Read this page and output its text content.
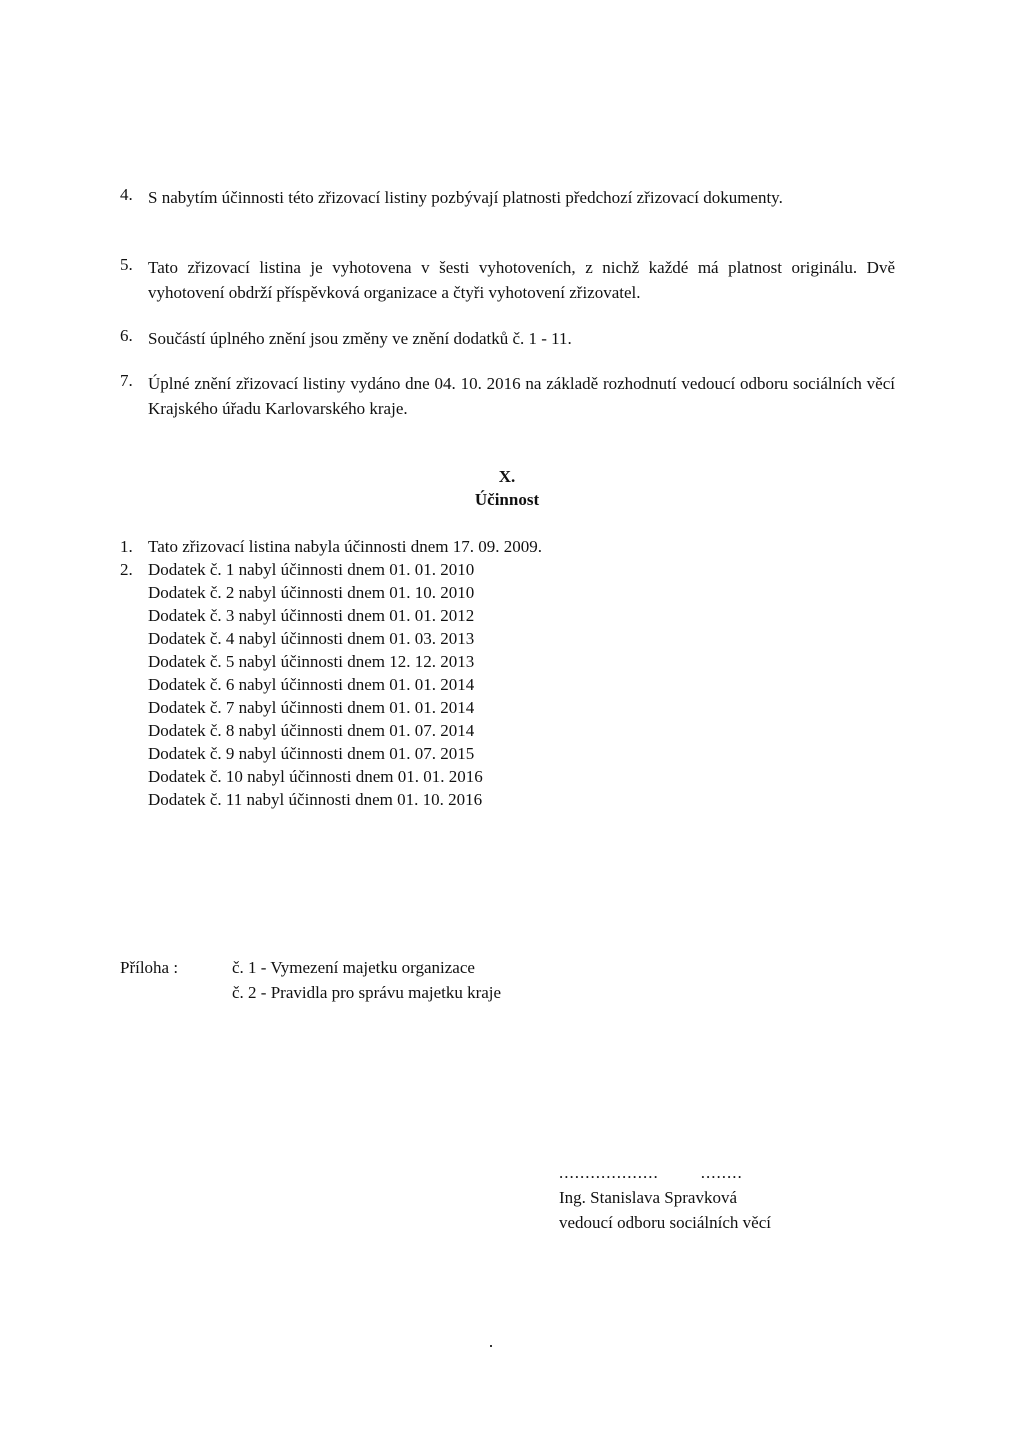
4. S nabytím účinnosti této zřizovací listiny pozbývají platnosti předchozí zřizovací dokumenty.
5. Tato zřizovací listina je vyhotovena v šesti vyhotoveních, z nichž každé má platnost originálu. Dvě vyhotovení obdrží příspěvková organizace a čtyři vyhotovení zřizovatel.
6. Součástí úplného znění jsou změny ve znění dodatků č. 1 - 11.
7. Úplné znění zřizovací listiny vydáno dne 04. 10. 2016 na základě rozhodnutí vedoucí odboru sociálních věcí Krajského úřadu Karlovarského kraje.
X.
Účinnost
1. Tato zřizovací listina nabyla účinnosti dnem 17. 09. 2009.
2. Dodatek č. 1 nabyl účinnosti dnem 01. 01. 2010
Dodatek č. 2 nabyl účinnosti dnem 01. 10. 2010
Dodatek č. 3 nabyl účinnosti dnem 01. 01. 2012
Dodatek č. 4 nabyl účinnosti dnem 01. 03. 2013
Dodatek č. 5 nabyl účinnosti dnem 12. 12. 2013
Dodatek č. 6 nabyl účinnosti dnem 01. 01. 2014
Dodatek č. 7 nabyl účinnosti dnem 01. 01. 2014
Dodatek č. 8 nabyl účinnosti dnem 01. 07. 2014
Dodatek č. 9 nabyl účinnosti dnem 01. 07. 2015
Dodatek č. 10 nabyl účinnosti dnem 01. 01. 2016
Dodatek č. 11 nabyl účinnosti dnem 01. 10. 2016
Příloha :	č. 1 - Vymezení majetku organizace
č. 2 - Pravidla pro správu majetku kraje
...................        ........
Ing. Stanislava Ѕpravková
vedoucí odboru sociálních věcí
